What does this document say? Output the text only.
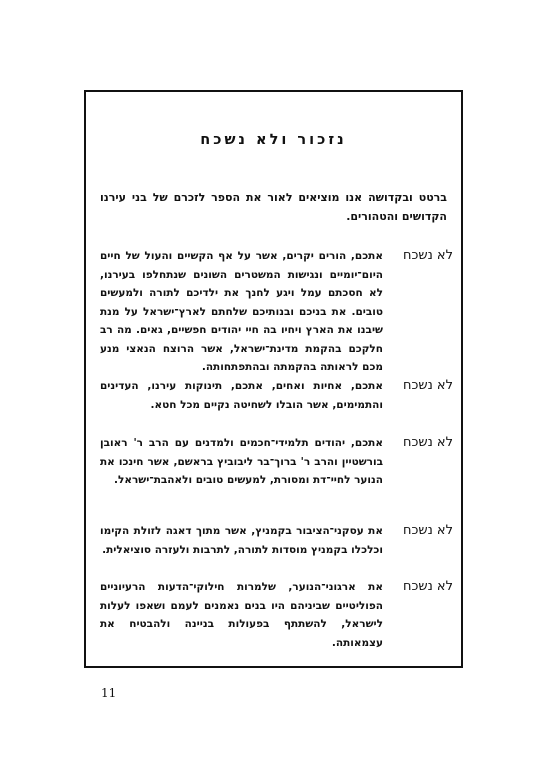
נזכור ולא נשכח
ברטט ובקדושה אנו מוציאים לאור את הספר לזכרם של בני עירנו הקדושים והטהורים.
לא נשכח
אתכם, הורים יקרים, אשר על אף הקשיים והעול של חיים היום־יומיים ונגישות המשטרים השונים שנתחלפו בעירנו, לא חסכתם עמל ויגע לחנך את ילדיכם לתורה ולמעשים טובים. את בניכם ובנותיכם שלחתם לארץ־ישראל על מנת שיבנו את הארץ ויחיו בה חיי יהודים חפשיים, גאים. מה רב חלקכם בהקמת מדינת־ישראל, אשר הרוצח הנאצי מנע מכם לראותה בהקמתה ובהתפתחותה.
לא נשכח
אתכם, אחיות ואחים, אתכם, תינוקות עירנו, העדינים והתמימים, אשר הובלו לשחיטה נקיים מכל חטא.
לא נשכח
אתכם, יהודים תלמידי־חכמים ולמדנים עם הרב ר' ראובן בורשטיין והרב ר' ברוך־בר ליבוביץ בראשם, אשר חינכו את הנוער לחיי־דת ומסורת, למעשים טובים ולאהבת־ישראל.
לא נשכח
את עסקני־הציבור בקמניץ, אשר מתוך דאגה לזולת הקימו וכלכלו בקמניץ מוסדות לתורה, לתרבות ולעזרה סוציאלית.
לא נשכח
את ארגוני־הנוער, שלמרות חילוקי־הדעות הרעיוניים הפוליטיים שביניהם היו בנים נאמנים לעמם ושאפו לעלות לישראל, להשתתף בפעולות בניינה ולהבטיח את עצמאותה.
11
